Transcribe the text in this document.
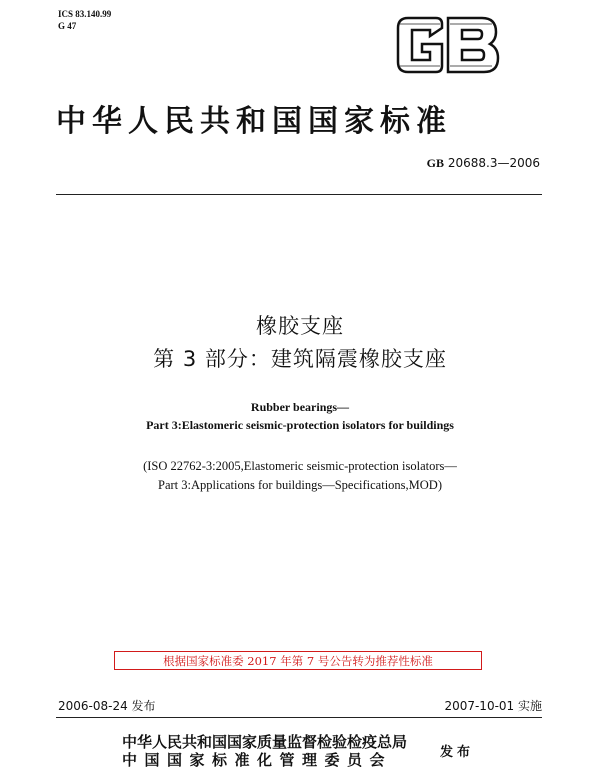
ICS 83.140.99
G 47
中华人民共和国国家标准
GB 20688.3—2006
橡胶支座
第 3 部分：建筑隔震橡胶支座
Rubber bearings—
Part 3:Elastomeric seismic-protection isolators for buildings
(ISO 22762-3:2005,Elastomeric seismic-protection isolators—
Part 3:Applications for buildings—Specifications,MOD)
根据国家标准委 2017 年第 7 号公告转为推荐性标准
2006-08-24 发布	2007-10-01 实施
中华人民共和国国家质量监督检验检疫总局
中国国家标准化管理委员会	发布
